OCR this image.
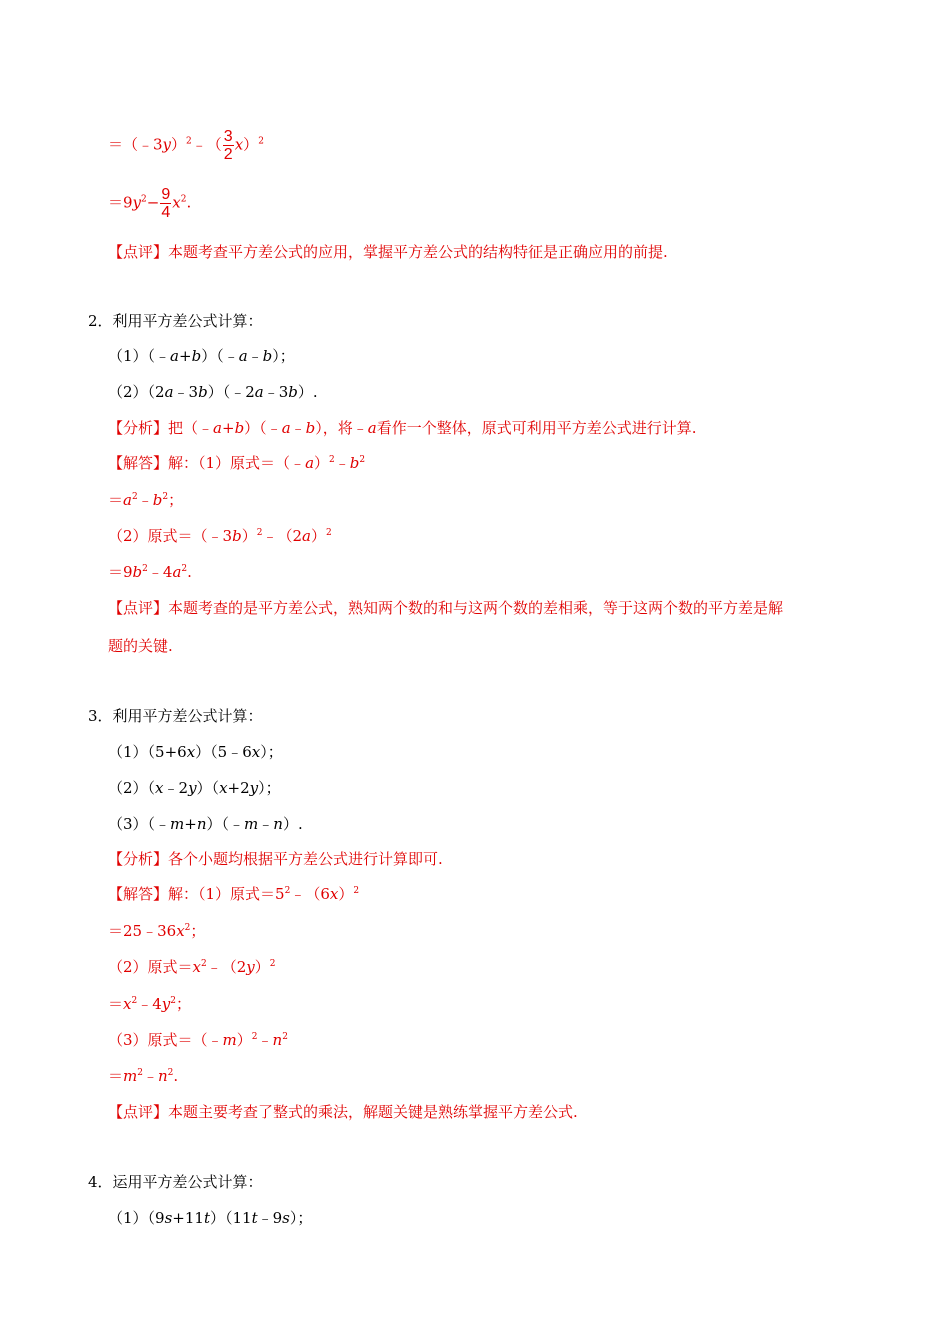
＝（﹣3y）$^2$﹣（ $\frac{3}{2} x)^2$
$=9y^2- \frac{9}{4} x^2$.
【点评】本题考查平方差公式的应用，掌握平方差公式的结构特征是正确应用的前提.
2．利用平方差公式计算：
（1）（﹣a+b）（﹣a﹣b）；
（2）（2a﹣3b）（﹣2a﹣3b）.
【分析】把（﹣a+b）（﹣a﹣b），将﹣a看作一个整体，原式可利用平方差公式进行计算.
【解答】解：（1）原式$=(﹣a)^2﹣b^2$
$=a^2﹣b^2$；
（2）原式$=(﹣3b)^2﹣(2a)^2$
$=9b^2﹣4a^2$.
【点评】本题考查的是平方差公式，熟知两个数的和与这两个数的差相乘，等于这两个数的平方差是解
题的关键.
3．利用平方差公式计算：
（1）（5+6x）（5﹣6x）；
（2）（x﹣2y）（x+2y）；
（3）（﹣m+n）（﹣m﹣n）.
【分析】各个小题均根据平方差公式进行计算即可.
【解答】解：（1）原式$=5^2﹣(6x)^2$
$=25﹣36x^2$；
（2）原式$=x^2﹣(2y)^2$
$=x^2﹣4y^2$；
（3）原式$=(﹣m)^2﹣n^2$
$=m^2﹣n^2$.
【点评】本题主要考查了整式的乘法，解题关键是熟练掌握平方差公式.
4．运用平方差公式计算：
（1）（9s+11t）（11t﹣9s）；
